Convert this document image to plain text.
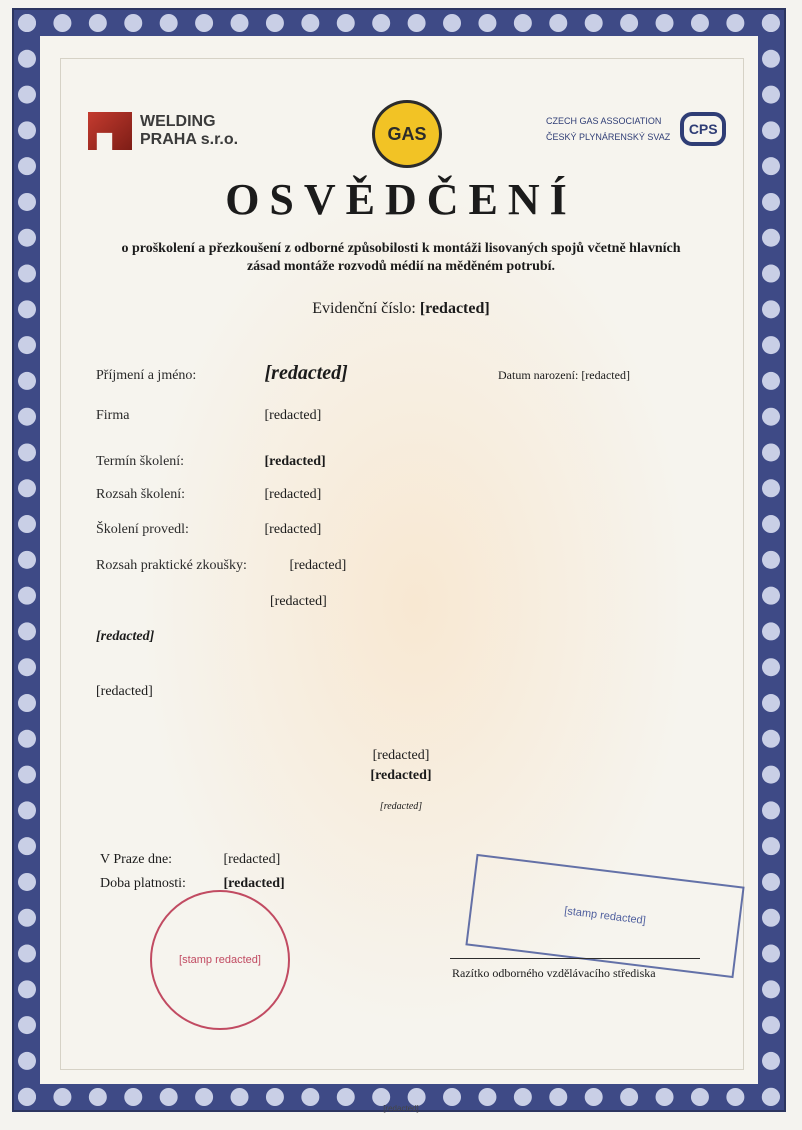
WELDING
PRAHA s.r.o.	GAS
CZECH GAS ASSOCIATION
ČESKÝ PLYNÁRENSKÝ SVAZ CPS
OSVĚDČENÍ
o proškolení a přezkoušení z odborné způsobilosti k montáži lisovaných spojů včetně hlavních zásad montáže rozvodů médií na měděném potrubí.
Evidenční číslo: [redacted]
Příjmení a jméno:	[redacted]	Datum narození: [redacted]
Firma	[redacted]
Termín školení:	[redacted]
Rozsah školení:	[redacted]
Školení provedl:	[redacted]
Rozsah praktické zkoušky:	[redacted]
[redacted]
[redacted]
[redacted]
[redacted]
[redacted]
[redacted]
V Praze dne:	[redacted]
Doba platnosti:	[redacted]
[stamp redacted]
[stamp redacted]
Razítko odborného vzdělávacího střediska
[redacted]
